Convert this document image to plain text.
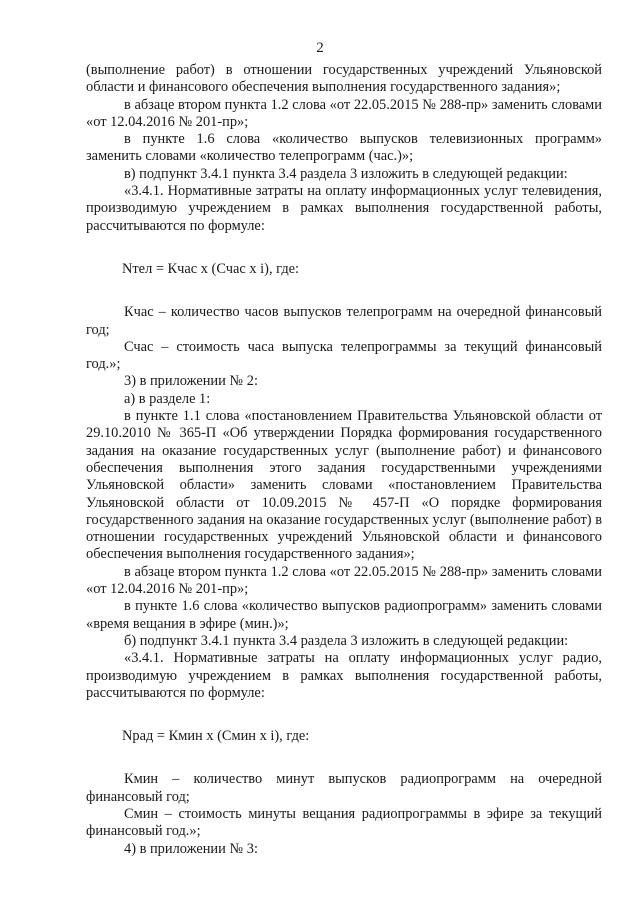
2

(выполнение работ) в отношении государственных учреждений Ульяновской области и финансового обеспечения выполнения государственного задания»;

в абзаце втором пункта 1.2 слова «от 22.05.2015 № 288-пр» заменить словами «от 12.04.2016 № 201-пр»;

в пункте 1.6 слова «количество выпусков телевизионных программ» заменить словами «количество телепрограмм (час.)»;

в) подпункт 3.4.1 пункта 3.4 раздела 3 изложить в следующей редакции:

«3.4.1. Нормативные затраты на оплату информационных услуг телевидения, производимую учреждением в рамках выполнения государственной работы, рассчитываются по формуле:

Nтел = Кчас х (Счас х i), где:

Кчас – количество часов выпусков телепрограмм на очередной финансовый год;

Счас – стоимость часа выпуска телепрограммы за текущий финансовый год.»;

3) в приложении № 2:

а) в разделе 1:

в пункте 1.1 слова «постановлением Правительства Ульяновской области от 29.10.2010 № 365-П «Об утверждении Порядка формирования государственного задания на оказание государственных услуг (выполнение работ) и финансового обеспечения выполнения этого задания государственными учреждениями Ульяновской области» заменить словами «постановлением Правительства Ульяновской области от 10.09.2015 № 457-П «О порядке формирования государственного задания на оказание государственных услуг (выполнение работ) в отношении государственных учреждений Ульяновской области и финансового обеспечения выполнения государственного задания»;

в абзаце втором пункта 1.2 слова «от 22.05.2015 № 288-пр» заменить словами «от 12.04.2016 № 201-пр»;

в пункте 1.6 слова «количество выпусков радиопрограмм» заменить словами «время вещания в эфире (мин.)»;

б) подпункт 3.4.1 пункта 3.4 раздела 3 изложить в следующей редакции:

«3.4.1. Нормативные затраты на оплату информационных услуг радио, производимую учреждением в рамках выполнения государственной работы, рассчитываются по формуле:

Nрад = Кмин х (Смин х i), где:

Кмин – количество минут выпусков радиопрограмм на очередной финансовый год;

Смин – стоимость минуты вещания радиопрограммы в эфире за текущий финансовый год.»;

4) в приложении № 3:
